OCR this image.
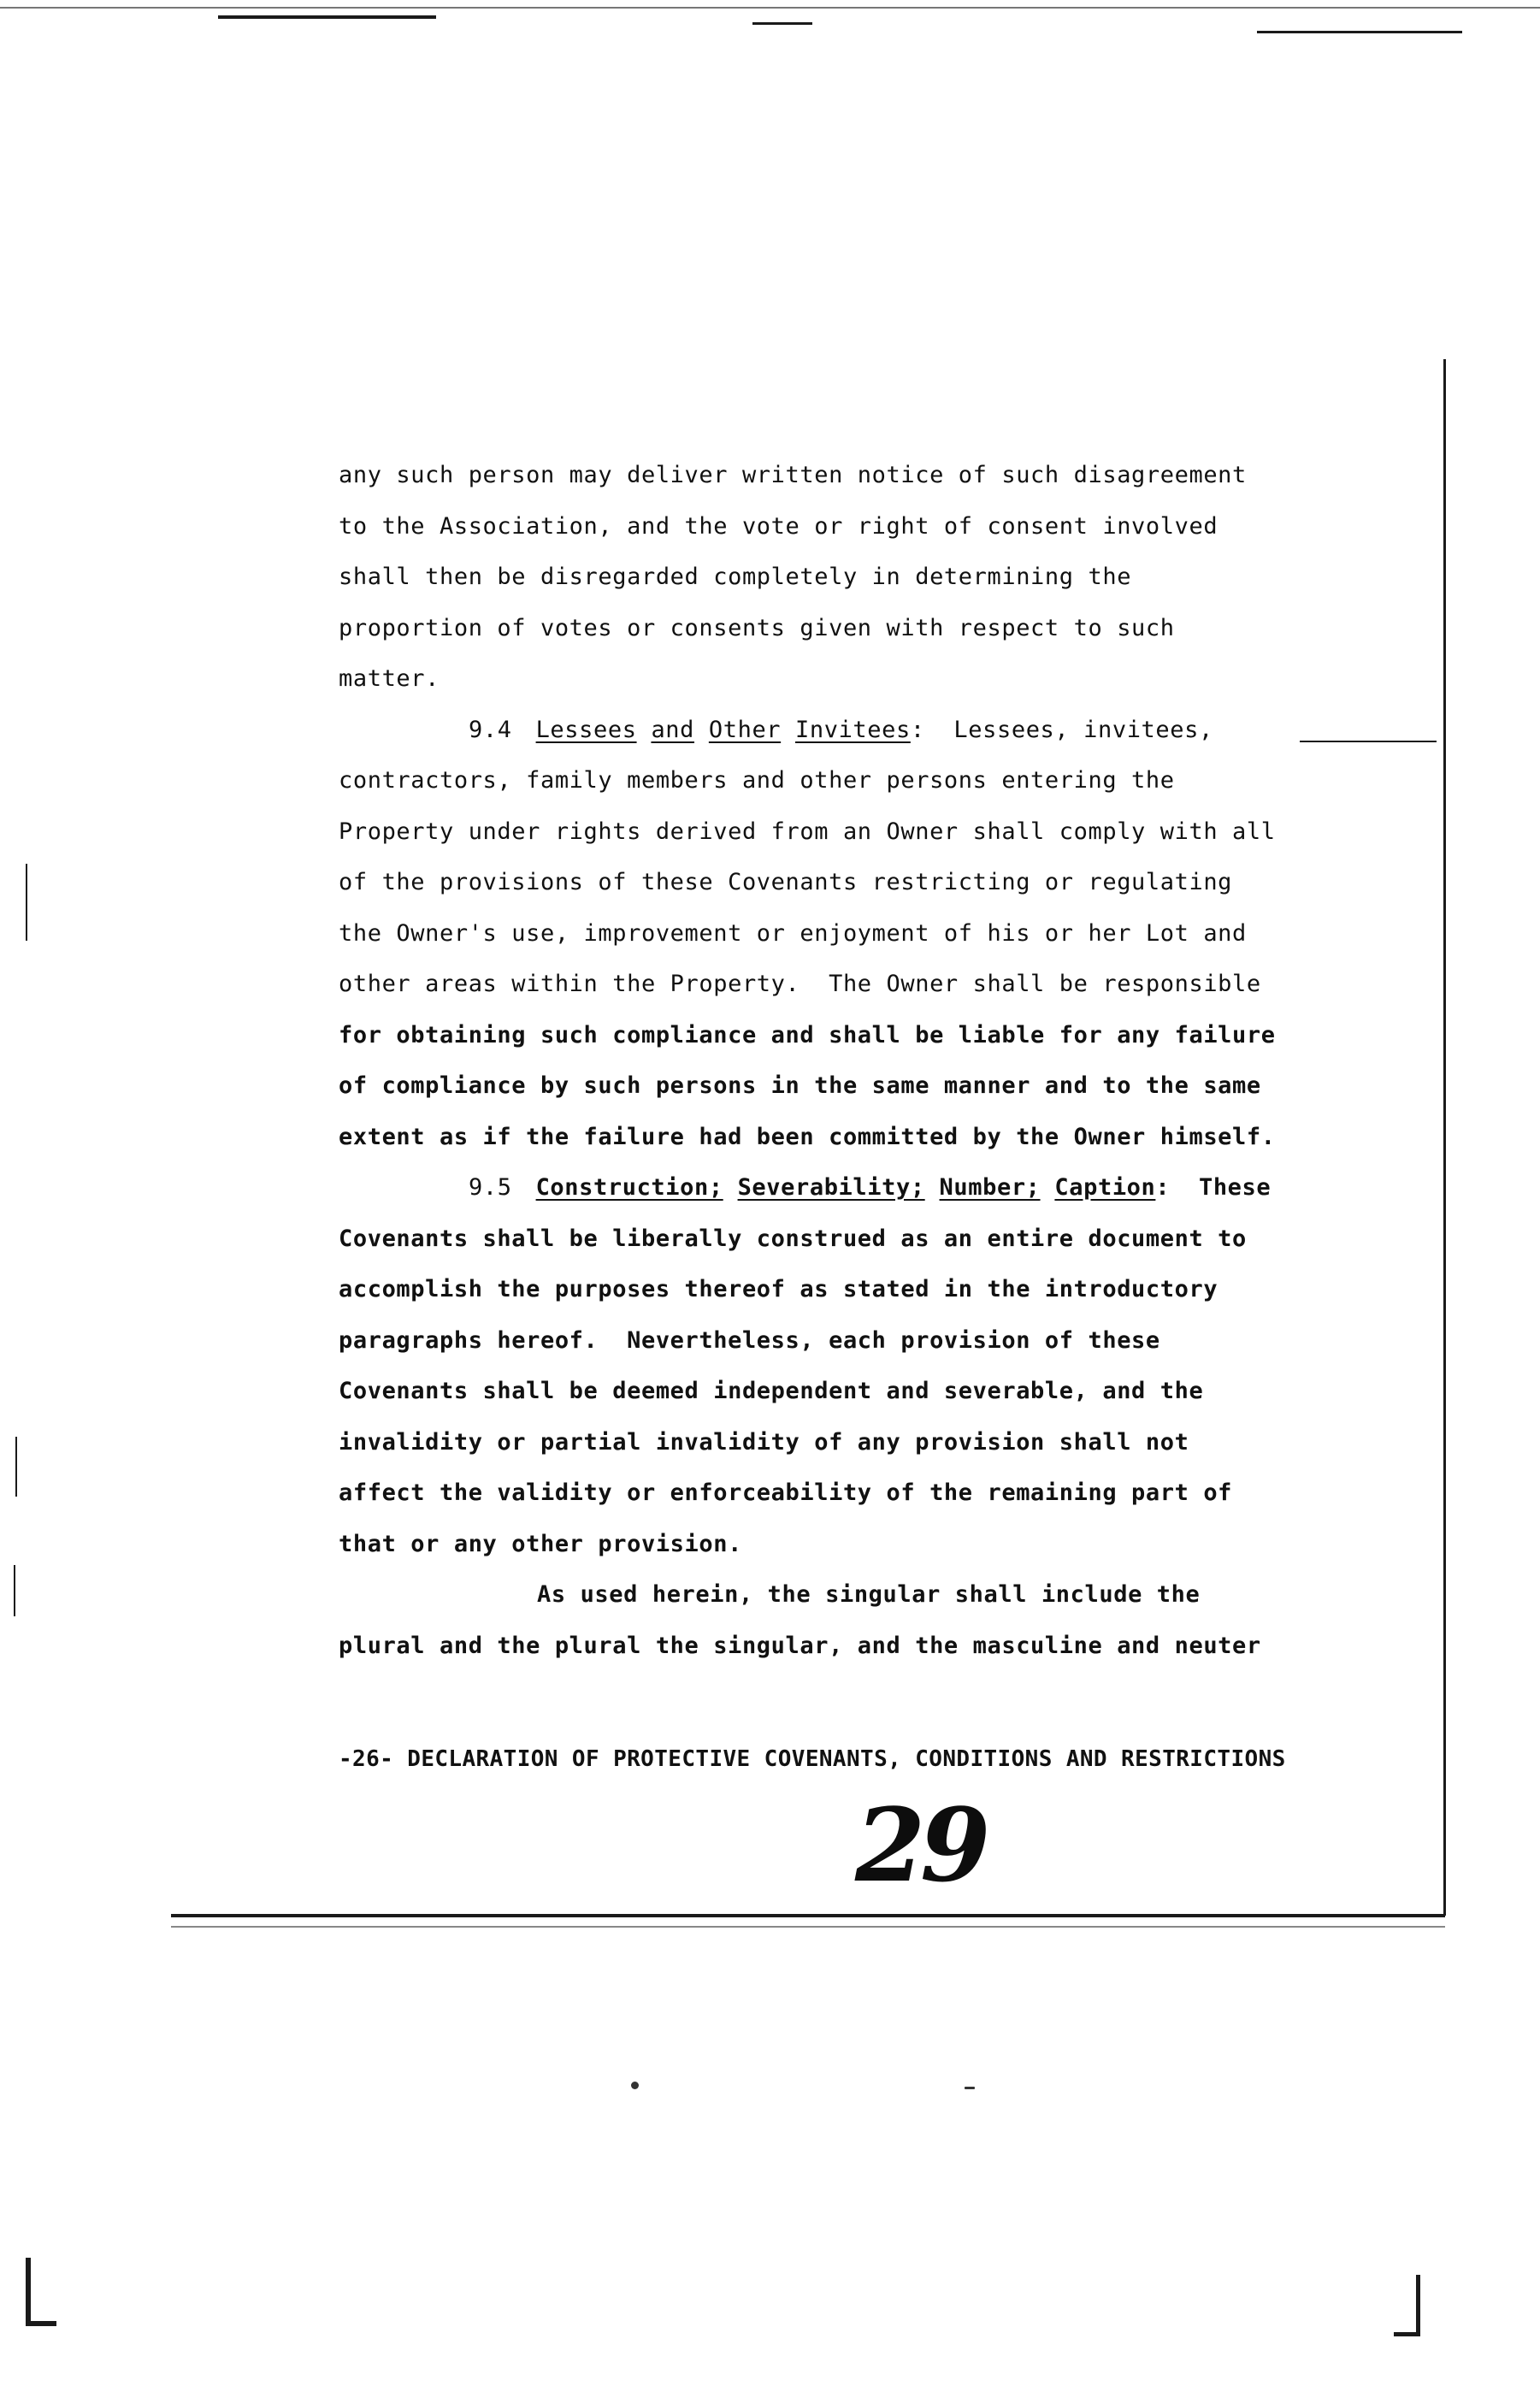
any such person may deliver written notice of such disagreement
to the Association, and the vote or right of consent involved
shall then be disregarded completely in determining the
proportion of votes or consents given with respect to such
matter.
9.4 Lessees and Other Invitees:  Lessees, invitees,
contractors, family members and other persons entering the
Property under rights derived from an Owner shall comply with all
of the provisions of these Covenants restricting or regulating
the Owner's use, improvement or enjoyment of his or her Lot and
other areas within the Property.  The Owner shall be responsible
for obtaining such compliance and shall be liable for any failure
of compliance by such persons in the same manner and to the same
extent as if the failure had been committed by the Owner himself.
9.5 Construction; Severability; Number; Caption:  These
Covenants shall be liberally construed as an entire document to
accomplish the purposes thereof as stated in the introductory
paragraphs hereof.  Nevertheless, each provision of these
Covenants shall be deemed independent and severable, and the
invalidity or partial invalidity of any provision shall not
affect the validity or enforceability of the remaining part of
that or any other provision.
As used herein, the singular shall include the
plural and the plural the singular, and the masculine and neuter
-26- DECLARATION OF PROTECTIVE COVENANTS, CONDITIONS AND RESTRICTIONS
29
